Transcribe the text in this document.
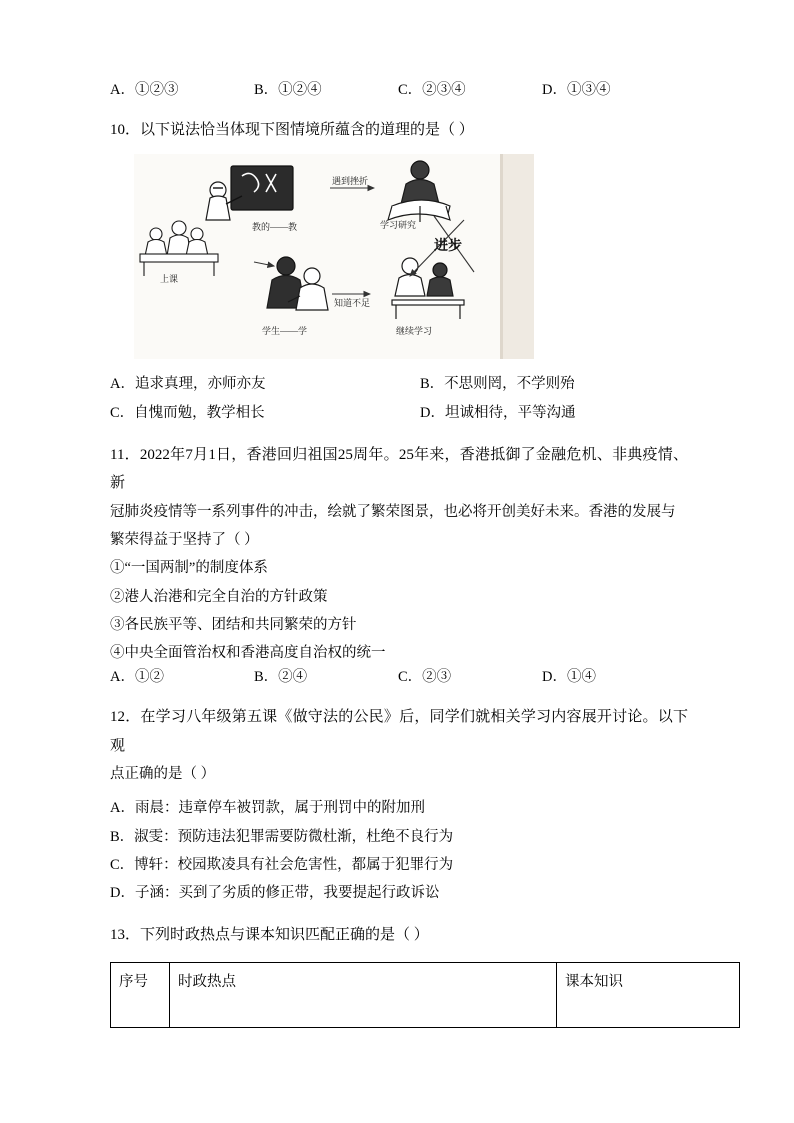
A．①②③	B．①②④	C．②③④	D．①③④
10．以下说法恰当体现下图情境所蕴含的道理的是（ ）
遇到挫折
教的——教
上课
学习研究
进步
知道不足
学生——学	继续学习
A．追求真理，亦师亦友	B．不思则罔，不学则殆
C．自愧而勉，教学相长	D．坦诚相待，平等沟通
11．2022年7月1日，香港回归祖国25周年。25年来，香港抵御了金融危机、非典疫情、新
冠肺炎疫情等一系列事件的冲击，绘就了繁荣图景，也必将开创美好未来。香港的发展与
繁荣得益于坚持了（ ）
①“一国两制”的制度体系
②港人治港和完全自治的方针政策
③各民族平等、团结和共同繁荣的方针
④中央全面管治权和香港高度自治权的统一
A．①②	B．②④	C．②③	D．①④
12．在学习八年级第五课《做守法的公民》后，同学们就相关学习内容展开讨论。以下观
点正确的是（ ）
A．雨晨：违章停车被罚款，属于刑罚中的附加刑
B．淑雯：预防违法犯罪需要防微杜渐，杜绝不良行为
C．博轩：校园欺凌具有社会危害性，都属于犯罪行为
D．子涵：买到了劣质的修正带，我要提起行政诉讼
13．下列时政热点与课本知识匹配正确的是（ ）
序号	时政热点	课本知识
